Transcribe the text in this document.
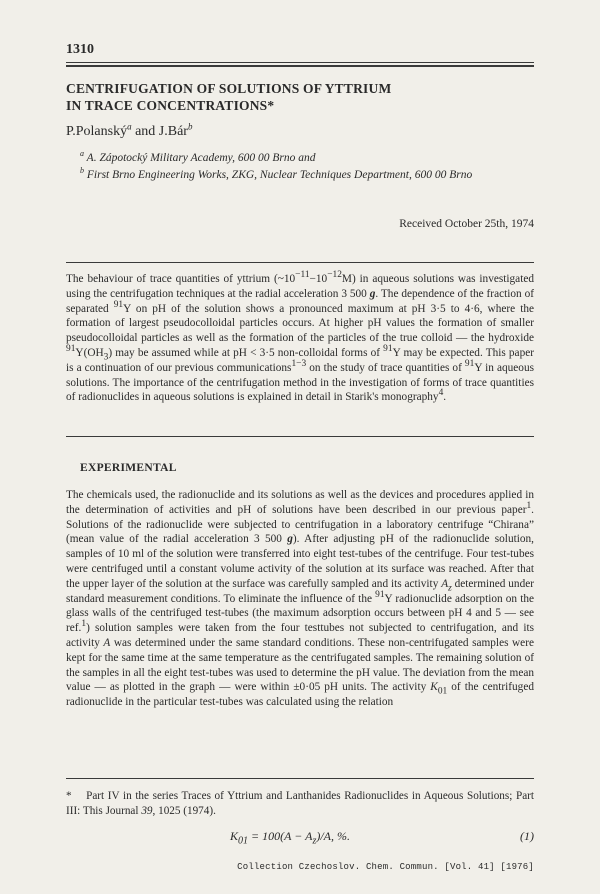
1310
CENTRIFUGATION OF SOLUTIONS OF YTTRIUM
IN TRACE CONCENTRATIONS*
P.Polanský$^a$ and J.Bár$^b$
$^a$ A. Zápotocký Military Academy, 600 00 Brno and
$^b$ First Brno Engineering Works, ZKG, Nuclear Techniques Department, 600 00 Brno
Received October 25th, 1974

The behaviour of trace quantities of yttrium $(\sim 10^{-11}-10^{-12}M)$ in aqueous solutions was investigated using the centrifugation techniques at the radial acceleration 3 500 g. The dependence of the fraction of separated $^{91}$Y on pH of the solution shows a pronounced maximum at pH 3·5 to 4·6, where the formation of largest pseudocolloidal particles occurs. At higher pH values the formation of smaller pseudocolloidal particles as well as the formation of the particles of the true colloid — the hydroxide $^{91}Y(OH_3)$ may be assumed while at pH < 3·5 non-colloidal forms of $^{91}$Y may be expected. This paper is a continuation of our previous communications$^{1-3}$ on the study of trace quantities of $^{91}$Y in aqueous solutions. The importance of the centrifugation method in the investigation of forms of trace quantities of radionuclides in aqueous solutions is explained in detail in Starik's monography$^4$.

EXPERIMENTAL

The chemicals used, the radionuclide and its solutions as well as the devices and procedures applied in the determination of activities and pH of solutions have been described in our previous paper$^1$. Solutions of the radionuclide were subjected to centrifugation in a laboratory centrifuge “Chirana” (mean value of the radial acceleration 3 500 g). After adjusting pH of the radionuclide solution, samples of 10 ml of the solution were transferred into eight test-tubes of the centrifuge. Four test-tubes were centrifuged until a constant volume activity of the solution at its surface was reached. After that the upper layer of the solution at the surface was carefully sampled and its activity $A_z$ determined under standard measurement conditions. To eliminate the influence of the $^{91}$Y radionuclide adsorption on the glass walls of the centrifuged test-tubes (the maximum adsorption occurs between pH 4 and 5 — see ref.$^1$) solution samples were taken from the four testtubes not subjected to centrifugation, and its activity A was determined under the same standard conditions. These non-centrifugated samples were kept for the same time at the same temperature as the centrifugated samples. The remaining solution of the samples in all the eight test-tubes was used to determine the pH value. The deviation from the mean value — as plotted in the graph — were within ±0·05 pH units. The activity $K_{01}$ of the centrifuged radionuclide in the particular test-tubes was calculated using the relation

* Part IV in the series Traces of Yttrium and Lanthanides Radionuclides in Aqueous Solutions; Part III: This Journal 39, 1025 (1974).

$K_{01} = 100(A - A_z)/A$, %.	(1)
Collection Czechoslov. Chem. Commun. [Vol. 41] [1976]
